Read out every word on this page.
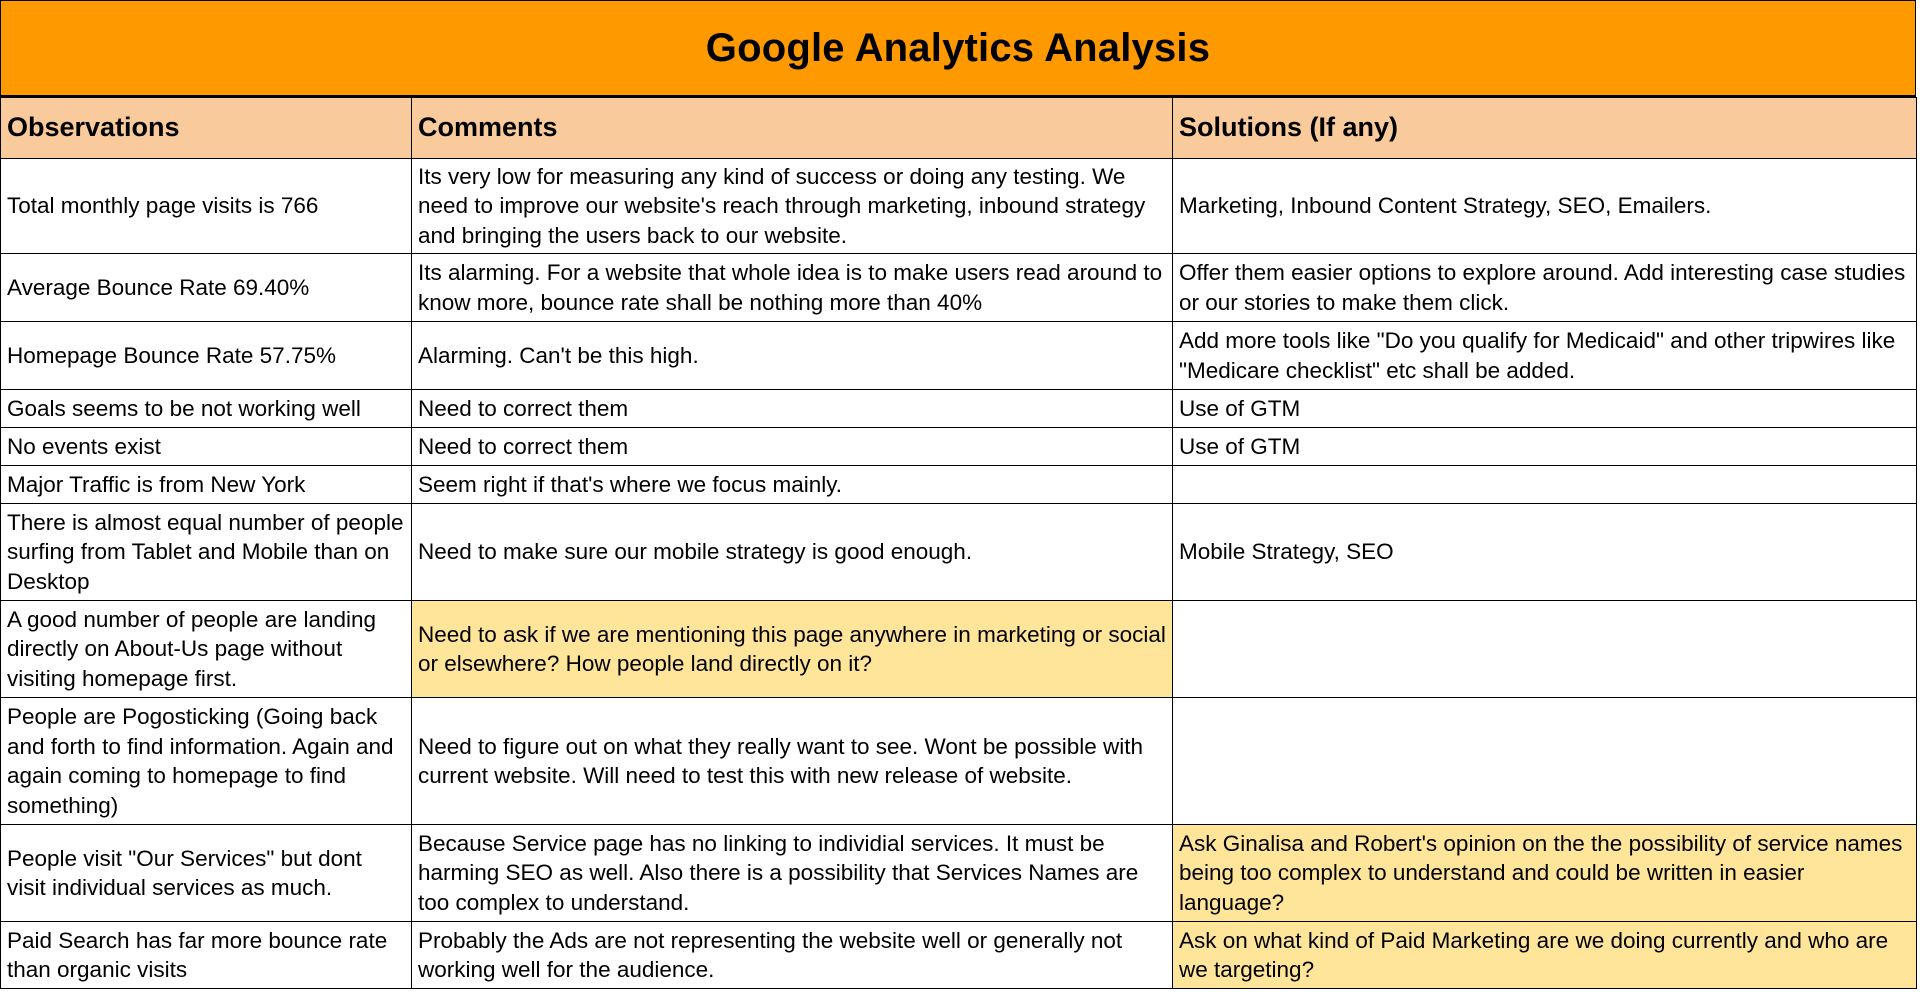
Google Analytics Analysis
Observations	Comments	Solutions (If any)
Total monthly page visits is 766	Its very low for measuring any kind of success or doing any testing. We need to improve our website's reach through marketing, inbound strategy and bringing the users back to our website.	Marketing, Inbound Content Strategy, SEO, Emailers.
Average Bounce Rate 69.40%	Its alarming. For a website that whole idea is to make users read around to know more, bounce rate shall be nothing more than 40%	Offer them easier options to explore around. Add interesting case studies or our stories to make them click.
Homepage Bounce Rate 57.75%	Alarming. Can't be this high.	Add more tools like "Do you qualify for Medicaid" and other tripwires like "Medicare checklist" etc shall be added.
Goals seems to be not working well	Need to correct them	Use of GTM
No events exist	Need to correct them	Use of GTM
Major Traffic is from New York	Seem right if that's where we focus mainly.	
There is almost equal number of people surfing from Tablet and Mobile than on Desktop	Need to make sure our mobile strategy is good enough.	Mobile Strategy, SEO
A good number of people are landing directly on About-Us page without visiting homepage first.	Need to ask if we are mentioning this page anywhere in marketing or social or elsewhere? How people land directly on it?	
People are Pogosticking (Going back and forth to find information. Again and again coming to homepage to find something)	Need to figure out on what they really want to see. Wont be possible with current website. Will need to test this with new release of website.	
People visit "Our Services" but dont visit individual services as much.	Because Service page has no linking to individial services. It must be harming SEO as well. Also there is a possibility that Services Names are too complex to understand.	Ask Ginalisa and Robert's opinion on the the possibility of service names being too complex to understand and could be written in easier language?
Paid Search has far more bounce rate than organic visits	Probably the Ads are not representing the website well or generally not working well for the audience.	Ask on what kind of Paid Marketing are we doing currently and who are we targeting?
